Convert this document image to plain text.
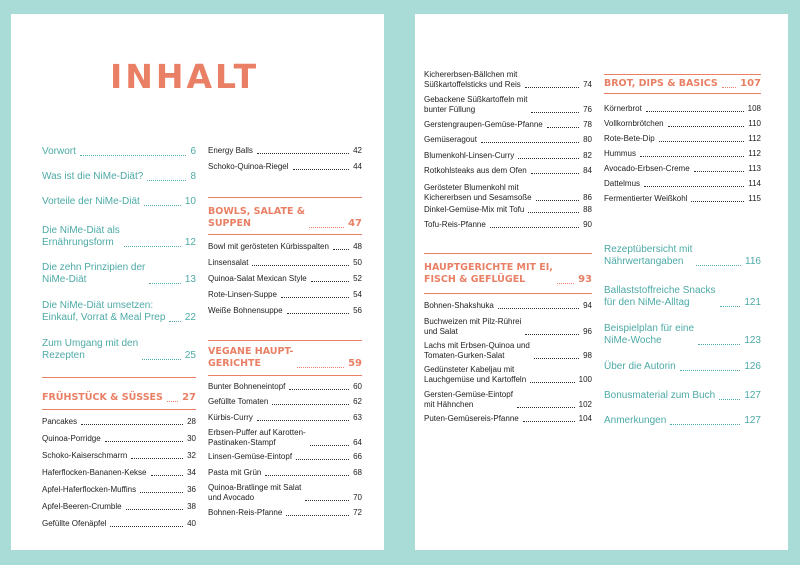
INHALT
Vorwort	6
Was ist die NiMe-Diät?	8
Vorteile der NiMe-Diät	10
Die NiMe-Diät als
Ernährungsform	12
Die zehn Prinzipien der
NiMe-Diät	13
Die NiMe-Diät umsetzen:
Einkauf, Vorrat & Meal Prep 22
Zum Umgang mit den
Rezepten	25
FRÜHSTÜCK & SÜSSES 27
Pancakes	28
Quinoa-Porridge	30
Schoko-Kaiserschmarrn	32
Haferflocken-Bananen-Kekse	34
Apfel-Haferflocken-Muffins	36
Apfel-Beeren-Crumble	38
Gefüllte Ofenäpfel	40
Energy Balls	42
Schoko-Quinoa-Riegel	44
BOWLS, SALATE &
SUPPEN	47
Bowl mit gerösteten Kürbisspalten	48
Linsensalat	50
Quinoa-Salat Mexican Style	52
Rote-Linsen-Suppe	54
Weiße Bohnensuppe	56
VEGANE HAUPT-
GERICHTE	59
Bunter Bohneneintopf	60
Gefüllte Tomaten	62
Kürbis-Curry	63
Erbsen-Puffer auf Karotten-
Pastinaken-Stampf	64
Linsen-Gemüse-Eintopf	66
Pasta mit Grün	68
Quinoa-Bratlinge mit Salat
und Avocado	70
Bohnen-Reis-Pfanne	72
Kichererbsen-Bällchen mit
Süßkartoffelsticks und Reis	74
Gebackene Süßkartoffeln mit
bunter Füllung	76
Gerstengraupen-Gemüse-Pfanne	78
Gemüseragout	80
Blumenkohl-Linsen-Curry	82
Rotkohlsteaks aus dem Ofen	84
Gerösteter Blumenkohl mit
Kichererbsen und Sesamsoße	86
Dinkel-Gemüse-Mix mit Tofu	88
Tofu-Reis-Pfanne	90
HAUPTGERICHTE MIT EI,
FISCH & GEFLÜGEL	93
Bohnen-Shakshuka	94
Buchweizen mit Pilz-Rührei
und Salat	96
Lachs mit Erbsen-Quinoa und
Tomaten-Gurken-Salat	98
Gedünsteter Kabeljau mit
Lauchgemüse und Kartoffeln	100
Gersten-Gemüse-Eintopf
mit Hähnchen	102
Puten-Gemüsereis-Pfanne	104
BROT, DIPS & BASICS 107
Körnerbrot	108
Vollkornbrötchen	110
Rote-Bete-Dip	112
Hummus	112
Avocado-Erbsen-Creme	113
Dattelmus	114
Fermentierter Weißkohl	115
Rezeptübersicht mit
Nährwertangaben	116
Ballaststoffreiche Snacks
für den NiMe-Alltag	121
Beispielplan für eine
NiMe-Woche	123
Über die Autorin	126
Bonusmaterial zum Buch	127
Anmerkungen	127
